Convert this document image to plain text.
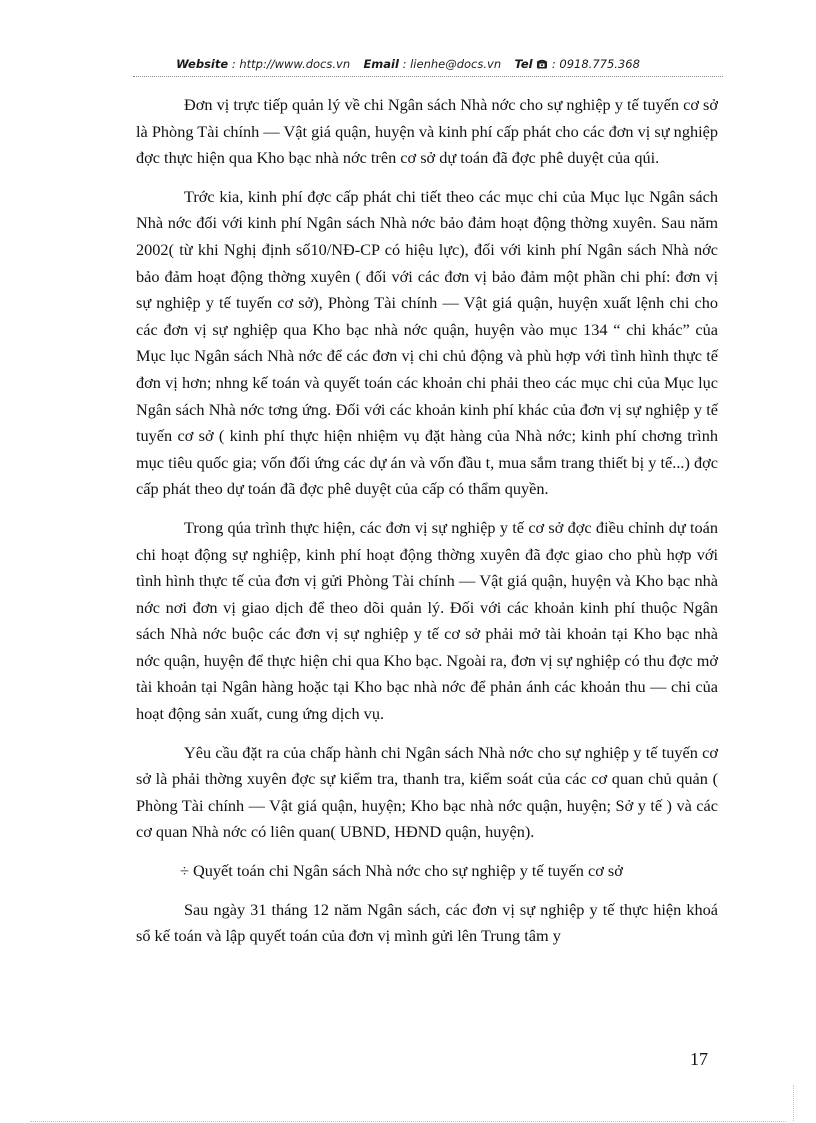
Website : http://www.docs.vn Email : lienhe@docs.vn Tel : 0918.775.368

Đơn vị trực tiếp quản lý về chi Ngân sách Nhà nớc cho sự nghiệp y tế tuyến cơ sở là Phòng Tài chính — Vật giá quận, huyện và kinh phí cấp phát cho các đơn vị sự nghiệp đợc thực hiện qua Kho bạc nhà nớc trên cơ sở dự toán đã đợc phê duyệt của qúi.

Trớc kia, kinh phí đợc cấp phát chi tiết theo các mục chi của Mục lục Ngân sách Nhà nớc đối với kinh phí Ngân sách Nhà nớc bảo đảm hoạt động thờng xuyên. Sau năm 2002( từ khi Nghị định số10/NĐ-CP có hiệu lực), đối với kinh phí Ngân sách Nhà nớc bảo đảm hoạt động thờng xuyên ( đối với các đơn vị bảo đảm một phần chi phí: đơn vị sự nghiệp y tế tuyến cơ sở), Phòng Tài chính — Vật giá quận, huyện xuất lệnh chi cho các đơn vị sự nghiệp qua Kho bạc nhà nớc quận, huyện vào mục 134 “ chi khác” của Mục lục Ngân sách Nhà nớc để các đơn vị chi chủ động và phù hợp với tình hình thực tế đơn vị hơn; nhng kế toán và quyết toán các khoản chi phải theo các mục chi của Mục lục Ngân sách Nhà nớc tơng ứng. Đối với các khoản kinh phí khác của đơn vị sự nghiệp y tế tuyến cơ sở ( kinh phí thực hiện nhiệm vụ đặt hàng của Nhà nớc; kinh phí chơng trình mục tiêu quốc gia; vốn đối ứng các dự án và vốn đầu t, mua sắm trang thiết bị y tế...) đợc cấp phát theo dự toán đã đợc phê duyệt của cấp có thẩm quyền.

Trong qúa trình thực hiện, các đơn vị sự nghiệp y tế cơ sở đợc điều chỉnh dự toán chi hoạt động sự nghiệp, kinh phí hoạt động thờng xuyên đã đợc giao cho phù hợp với tình hình thực tế của đơn vị gửi Phòng Tài chính — Vật giá quận, huyện và Kho bạc nhà nớc nơi đơn vị giao dịch để theo dõi quản lý. Đối với các khoản kinh phí thuộc Ngân sách Nhà nớc buộc các đơn vị sự nghiệp y tế cơ sở phải mở tài khoản tại Kho bạc nhà nớc quận, huyện để thực hiện chi qua Kho bạc. Ngoài ra, đơn vị sự nghiệp có thu đợc mở tài khoản tại Ngân hàng hoặc tại Kho bạc nhà nớc để phản ánh các khoản thu — chi của hoạt động sản xuất, cung ứng dịch vụ.

Yêu cầu đặt ra của chấp hành chi Ngân sách Nhà nớc cho sự nghiệp y tế tuyến cơ sở là phải thờng xuyên đợc sự kiểm tra, thanh tra, kiểm soát của các cơ quan chủ quản ( Phòng Tài chính — Vật giá quận, huyện; Kho bạc nhà nớc quận, huyện; Sở y tế ) và các cơ quan Nhà nớc có liên quan( UBND, HĐND quận, huyện).

÷ Quyết toán chi Ngân sách Nhà nớc cho sự nghiệp y tế tuyến cơ sở

Sau ngày 31 tháng 12 năm Ngân sách, các đơn vị sự nghiệp y tế thực hiện khoá sổ kế toán và lập quyết toán của đơn vị mình gửi lên Trung tâm y

17
